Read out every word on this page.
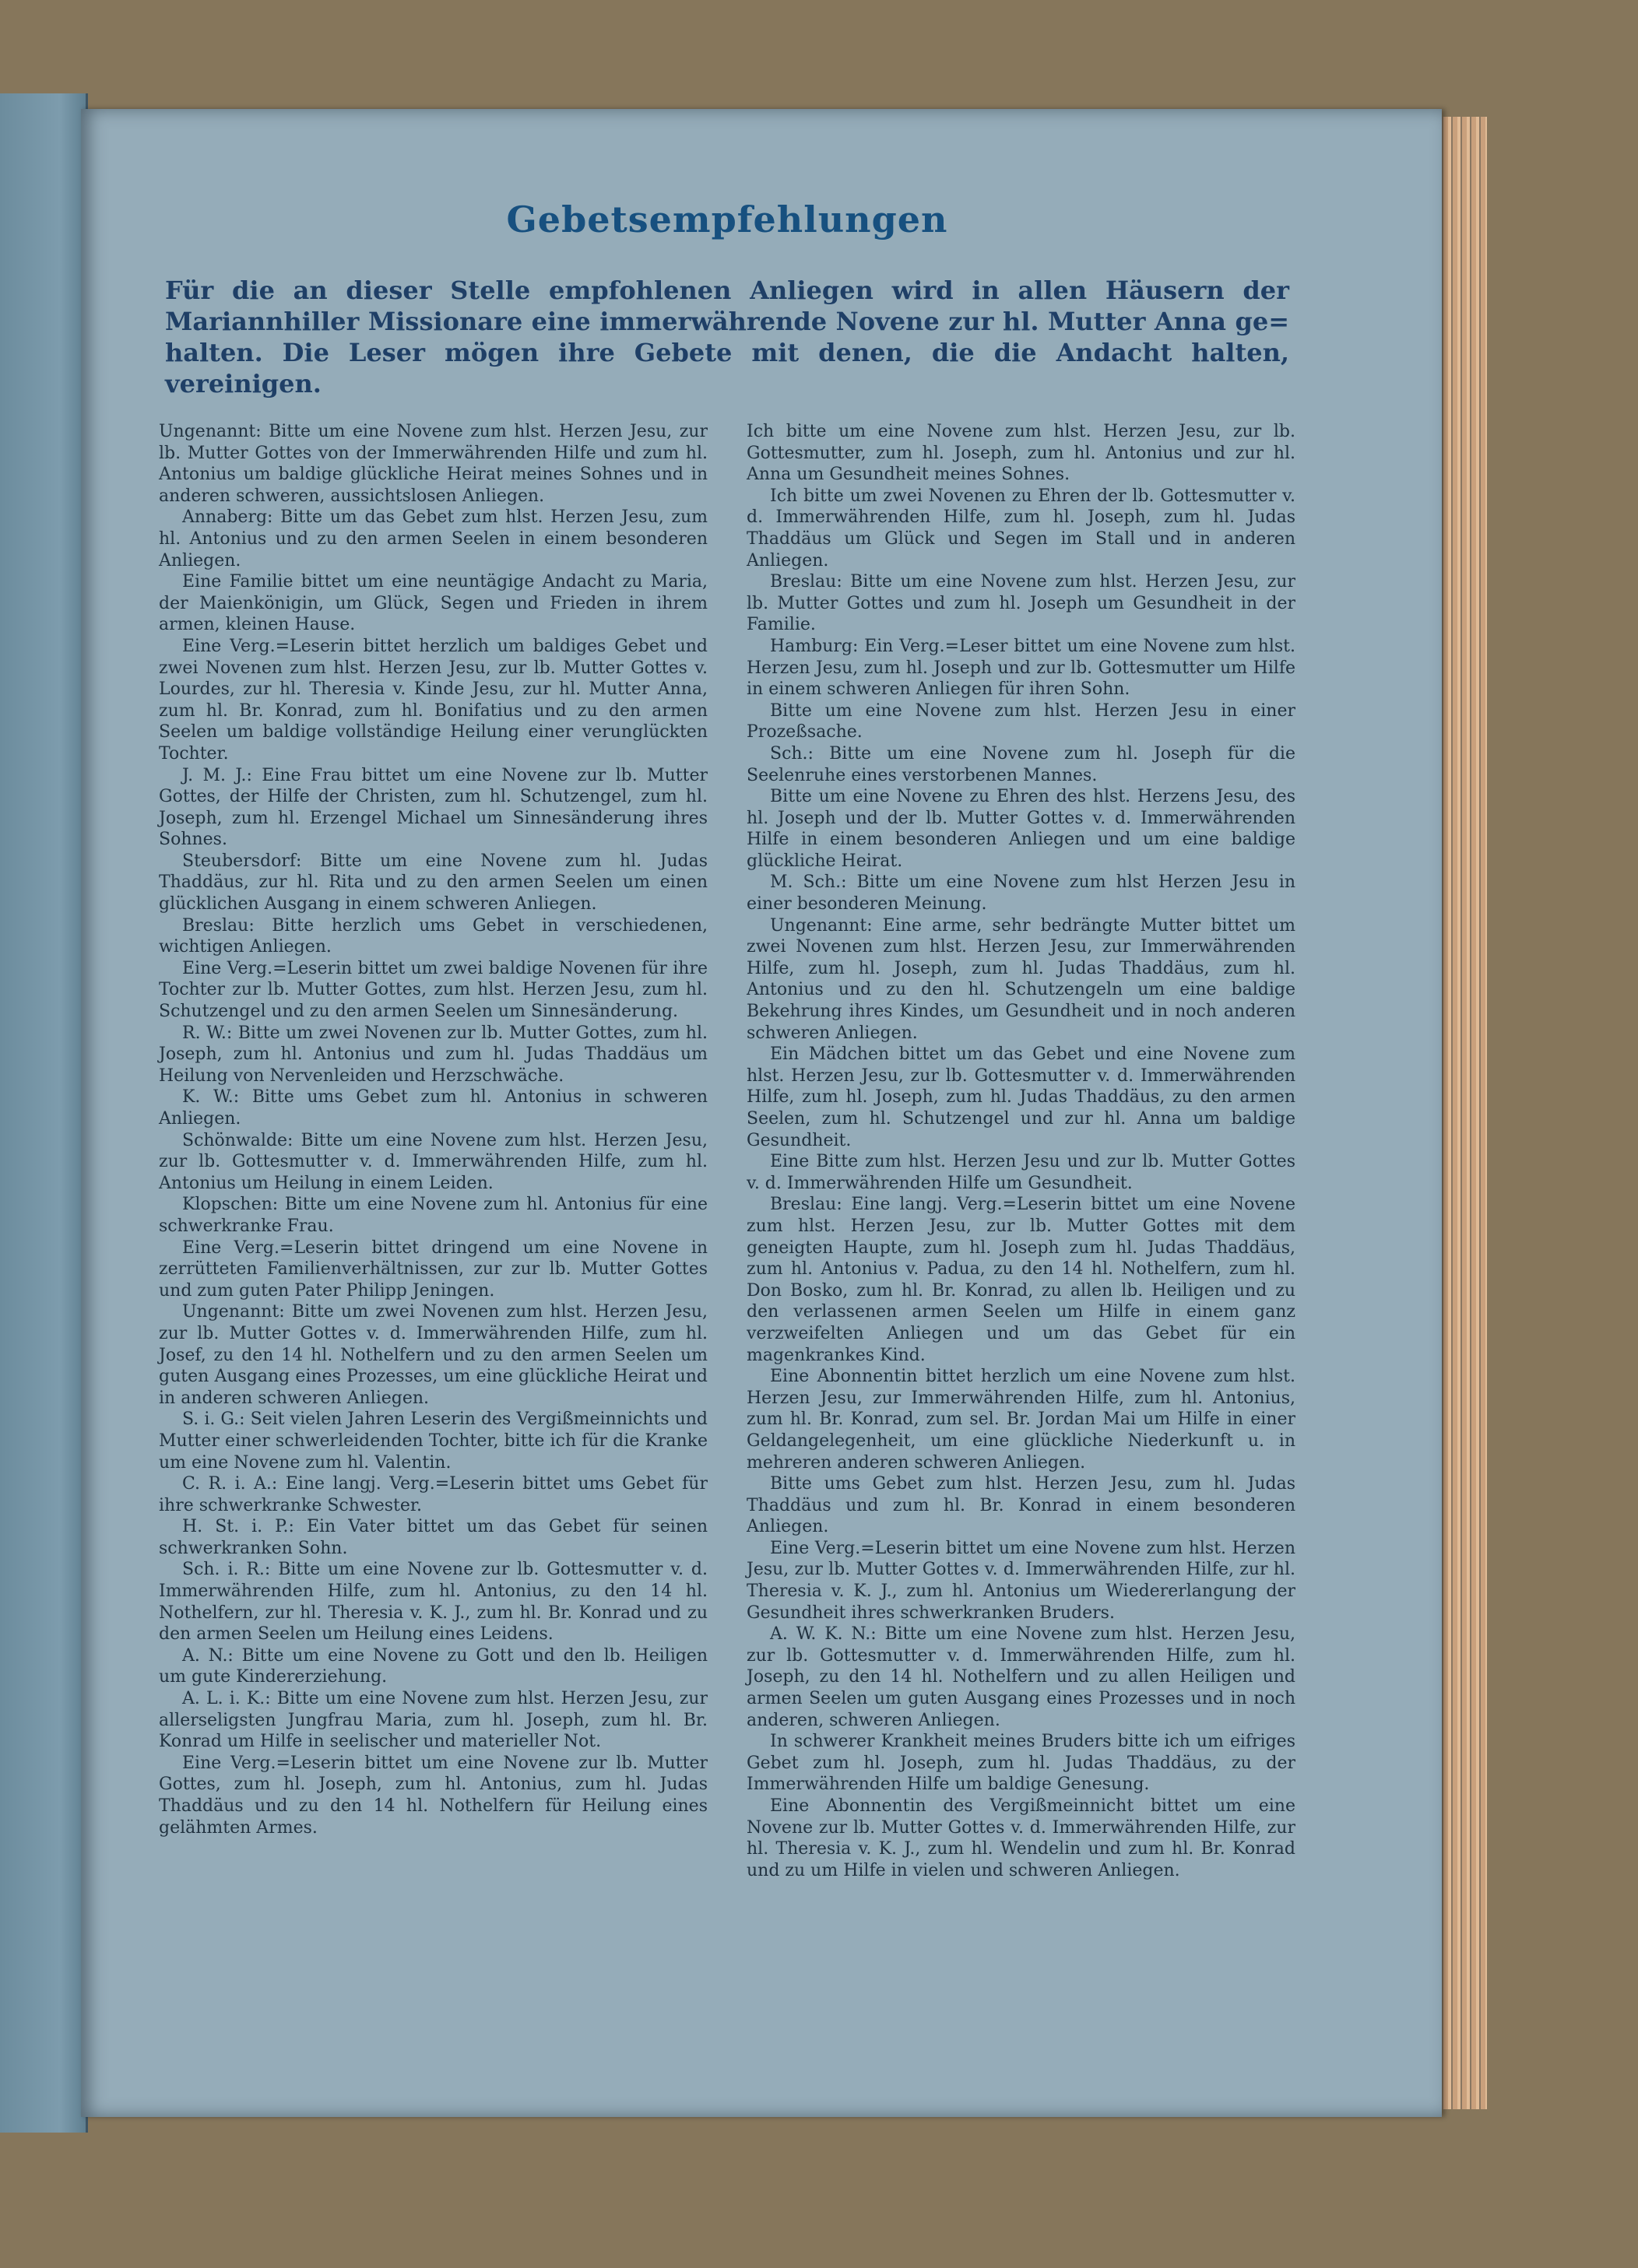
Gebetsempfehlungen
Für die an dieser Stelle empfohlenen Anliegen wird in allen Häusern der
Mariannhiller Missionare eine immerwährende Novene zur hl. Mutter Anna ge=
halten. Die Leser mögen ihre Gebete mit denen, die die Andacht halten, vereinigen.

Ungenannt: Bitte um eine Novene zum hlst. Herzen Jesu, zur lb. Mutter Gottes von der Immerwährenden Hilfe und zum hl. Antonius um baldige glückliche Heirat meines Sohnes und in anderen schweren, aussichtslosen Anliegen.

Annaberg: Bitte um das Gebet zum hlst. Herzen Jesu, zum hl. Antonius und zu den armen Seelen in einem besonderen Anliegen.

Eine Familie bittet um eine neuntägige Andacht zu Maria, der Maienkönigin, um Glück, Segen und Frieden in ihrem armen, kleinen Hause.

Eine Verg.=Leserin bittet herzlich um baldiges Gebet und zwei Novenen zum hlst. Herzen Jesu, zur lb. Mutter Gottes v. Lourdes, zur hl. Theresia v. Kinde Jesu, zur hl. Mutter Anna, zum hl. Br. Konrad, zum hl. Bonifatius und zu den armen Seelen um baldige vollständige Heilung einer verunglückten Tochter.

J. M. J.: Eine Frau bittet um eine Novene zur lb. Mutter Gottes, der Hilfe der Christen, zum hl. Schutzengel, zum hl. Joseph, zum hl. Erzengel Michael um Sinnesänderung ihres Sohnes.

Steubersdorf: Bitte um eine Novene zum hl. Judas Thaddäus, zur hl. Rita und zu den armen Seelen um einen glücklichen Ausgang in einem schweren Anliegen.

Breslau: Bitte herzlich ums Gebet in verschiedenen, wichtigen Anliegen.

Eine Verg.=Leserin bittet um zwei baldige Novenen für ihre Tochter zur lb. Mutter Gottes, zum hlst. Herzen Jesu, zum hl. Schutzengel und zu den armen Seelen um Sinnesänderung.

R. W.: Bitte um zwei Novenen zur lb. Mutter Gottes, zum hl. Joseph, zum hl. Antonius und zum hl. Judas Thaddäus um Heilung von Nervenleiden und Herzschwäche.

K. W.: Bitte ums Gebet zum hl. Antonius in schweren Anliegen.

Schönwalde: Bitte um eine Novene zum hlst. Herzen Jesu, zur lb. Gottesmutter v. d. Immerwährenden Hilfe, zum hl. Antonius um Heilung in einem Leiden.

Klopschen: Bitte um eine Novene zum hl. Antonius für eine schwerkranke Frau.

Eine Verg.=Leserin bittet dringend um eine Novene in zerrütteten Familienverhältnissen, zur zur lb. Mutter Gottes und zum guten Pater Philipp Jeningen.

Ungenannt: Bitte um zwei Novenen zum hlst. Herzen Jesu, zur lb. Mutter Gottes v. d. Immerwährenden Hilfe, zum hl. Josef, zu den 14 hl. Nothelfern und zu den armen Seelen um guten Ausgang eines Prozesses, um eine glückliche Heirat und in anderen schweren Anliegen.

S. i. G.: Seit vielen Jahren Leserin des Vergißmeinnichts und Mutter einer schwerleidenden Tochter, bitte ich für die Kranke um eine Novene zum hl. Valentin.

C. R. i. A.: Eine langj. Verg.=Leserin bittet ums Gebet für ihre schwerkranke Schwester.

H. St. i. P.: Ein Vater bittet um das Gebet für seinen schwerkranken Sohn.

Sch. i. R.: Bitte um eine Novene zur lb. Gottesmutter v. d. Immerwährenden Hilfe, zum hl. Antonius, zu den 14 hl. Nothelfern, zur hl. Theresia v. K. J., zum hl. Br. Konrad und zu den armen Seelen um Heilung eines Leidens.

A. N.: Bitte um eine Novene zu Gott und den lb. Heiligen um gute Kindererziehung.

A. L. i. K.: Bitte um eine Novene zum hlst. Herzen Jesu, zur allerseligsten Jungfrau Maria, zum hl. Joseph, zum hl. Br. Konrad um Hilfe in seelischer und materieller Not.

Eine Verg.=Leserin bittet um eine Novene zur lb. Mutter Gottes, zum hl. Joseph, zum hl. Antonius, zum hl. Judas Thaddäus und zu den 14 hl. Nothelfern für Heilung eines gelähmten Armes.

Ich bitte um eine Novene zum hlst. Herzen Jesu, zur lb. Gottesmutter, zum hl. Joseph, zum hl. Antonius und zur hl. Anna um Gesundheit meines Sohnes.

Ich bitte um zwei Novenen zu Ehren der lb. Gottesmutter v. d. Immerwährenden Hilfe, zum hl. Joseph, zum hl. Judas Thaddäus um Glück und Segen im Stall und in anderen Anliegen.

Breslau: Bitte um eine Novene zum hlst. Herzen Jesu, zur lb. Mutter Gottes und zum hl. Joseph um Gesundheit in der Familie.

Hamburg: Ein Verg.=Leser bittet um eine Novene zum hlst. Herzen Jesu, zum hl. Joseph und zur lb. Gottesmutter um Hilfe in einem schweren Anliegen für ihren Sohn.

Bitte um eine Novene zum hlst. Herzen Jesu in einer Prozeßsache.

Sch.: Bitte um eine Novene zum hl. Joseph für die Seelenruhe eines verstorbenen Mannes.

Bitte um eine Novene zu Ehren des hlst. Herzens Jesu, des hl. Joseph und der lb. Mutter Gottes v. d. Immerwährenden Hilfe in einem besonderen Anliegen und um eine baldige glückliche Heirat.

M. Sch.: Bitte um eine Novene zum hlst Herzen Jesu in einer besonderen Meinung.

Ungenannt: Eine arme, sehr bedrängte Mutter bittet um zwei Novenen zum hlst. Herzen Jesu, zur Immerwährenden Hilfe, zum hl. Joseph, zum hl. Judas Thaddäus, zum hl. Antonius und zu den hl. Schutzengeln um eine baldige Bekehrung ihres Kindes, um Gesundheit und in noch anderen schweren Anliegen.

Ein Mädchen bittet um das Gebet und eine Novene zum hlst. Herzen Jesu, zur lb. Gottesmutter v. d. Immerwährenden Hilfe, zum hl. Joseph, zum hl. Judas Thaddäus, zu den armen Seelen, zum hl. Schutzengel und zur hl. Anna um baldige Gesundheit.

Eine Bitte zum hlst. Herzen Jesu und zur lb. Mutter Gottes v. d. Immerwährenden Hilfe um Gesundheit.

Breslau: Eine langj. Verg.=Leserin bittet um eine Novene zum hlst. Herzen Jesu, zur lb. Mutter Gottes mit dem geneigten Haupte, zum hl. Joseph zum hl. Judas Thaddäus, zum hl. Antonius v. Padua, zu den 14 hl. Nothelfern, zum hl. Don Bosko, zum hl. Br. Konrad, zu allen lb. Heiligen und zu den verlassenen armen Seelen um Hilfe in einem ganz verzweifelten Anliegen und um das Gebet für ein magenkrankes Kind.

Eine Abonnentin bittet herzlich um eine Novene zum hlst. Herzen Jesu, zur Immerwährenden Hilfe, zum hl. Antonius, zum hl. Br. Konrad, zum sel. Br. Jordan Mai um Hilfe in einer Geldangelegenheit, um eine glückliche Niederkunft u. in mehreren anderen schweren Anliegen.

Bitte ums Gebet zum hlst. Herzen Jesu, zum hl. Judas Thaddäus und zum hl. Br. Konrad in einem besonderen Anliegen.

Eine Verg.=Leserin bittet um eine Novene zum hlst. Herzen Jesu, zur lb. Mutter Gottes v. d. Immerwährenden Hilfe, zur hl. Theresia v. K. J., zum hl. Antonius um Wiedererlangung der Gesundheit ihres schwerkranken Bruders.

A. W. K. N.: Bitte um eine Novene zum hlst. Herzen Jesu, zur lb. Gottesmutter v. d. Immerwährenden Hilfe, zum hl. Joseph, zu den 14 hl. Nothelfern und zu allen Heiligen und armen Seelen um guten Ausgang eines Prozesses und in noch anderen, schweren Anliegen.

In schwerer Krankheit meines Bruders bitte ich um eifriges Gebet zum hl. Joseph, zum hl. Judas Thaddäus, zu der Immerwährenden Hilfe um baldige Genesung.

Eine Abonnentin des Vergißmeinnicht bittet um eine Novene zur lb. Mutter Gottes v. d. Immerwährenden Hilfe, zur hl. Theresia v. K. J., zum hl. Wendelin und zum hl. Br. Konrad und zu um Hilfe in vielen und schweren Anliegen.
